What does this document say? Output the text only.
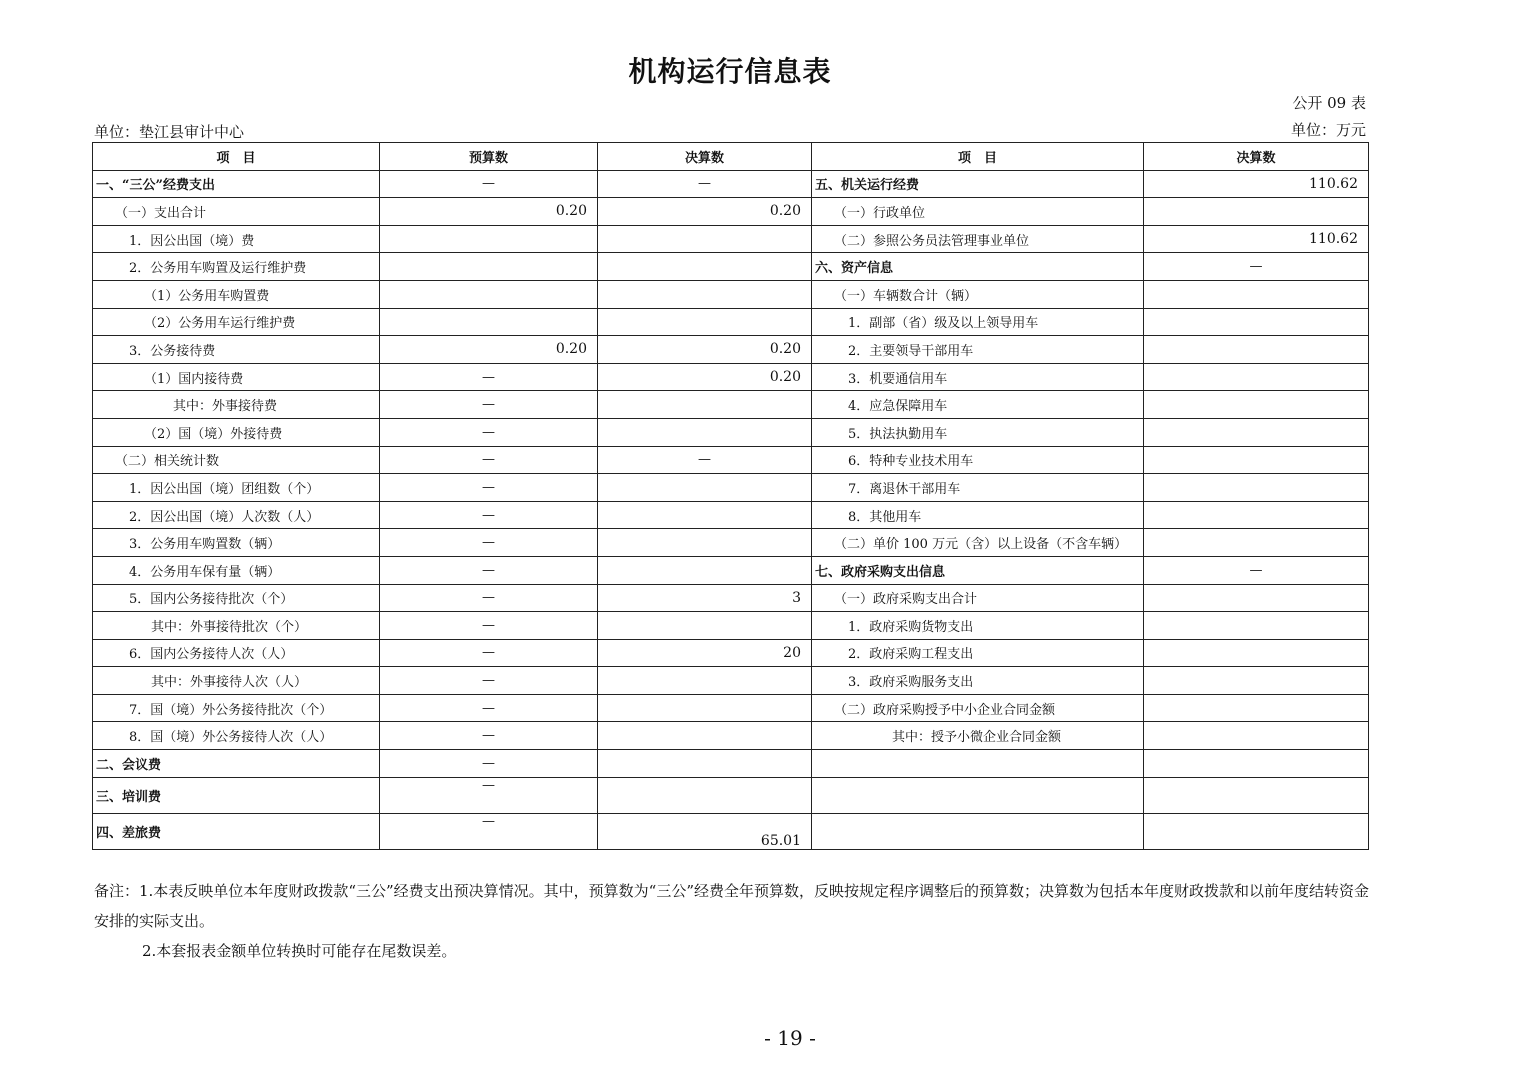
机构运行信息表
公开 09 表
单位：垫江县审计中心	单位：万元
项　目	预算数	决算数	项　目	决算数
一、“三公”经费支出	—	—	五、机关运行经费	110.62
（一）支出合计	0.20	0.20	（一）行政单位	
1．因公出国（境）费			（二）参照公务员法管理事业单位	110.62
2．公务用车购置及运行维护费			六、资产信息	—
（1）公务用车购置费			（一）车辆数合计（辆）	
（2）公务用车运行维护费			1．副部（省）级及以上领导用车	
3．公务接待费	0.20	0.20	2．主要领导干部用车	
（1）国内接待费	—	0.20	3．机要通信用车	
其中：外事接待费	—		4．应急保障用车	
（2）国（境）外接待费	—		5．执法执勤用车	
（二）相关统计数	—	—	6．特种专业技术用车	
1．因公出国（境）团组数（个）	—		7．离退休干部用车	
2．因公出国（境）人次数（人）	—		8．其他用车	
3．公务用车购置数（辆）	—		（二）单价 100 万元（含）以上设备（不含车辆）	
4．公务用车保有量（辆）	—		七、政府采购支出信息	—
5．国内公务接待批次（个）	—	3	（一）政府采购支出合计	
其中：外事接待批次（个）	—		1．政府采购货物支出	
6．国内公务接待人次（人）	—	20	2．政府采购工程支出	
其中：外事接待人次（人）	—		3．政府采购服务支出	
7．国（境）外公务接待批次（个）	—		（二）政府采购授予中小企业合同金额	
8．国（境）外公务接待人次（人）	—		其中：授予小微企业合同金额	
二、会议费	—			
三、培训费	—			
四、差旅费	—	65.01		

备注：1.本表反映单位本年度财政拨款“三公”经费支出预决算情况。其中，预算数为“三公”经费全年预算数，反映按规定程序调整后的预算数；决算数为包括本年度财政拨款和以前年度结转资金安排的实际支出。

2.本套报表金额单位转换时可能存在尾数误差。

- 19 -
